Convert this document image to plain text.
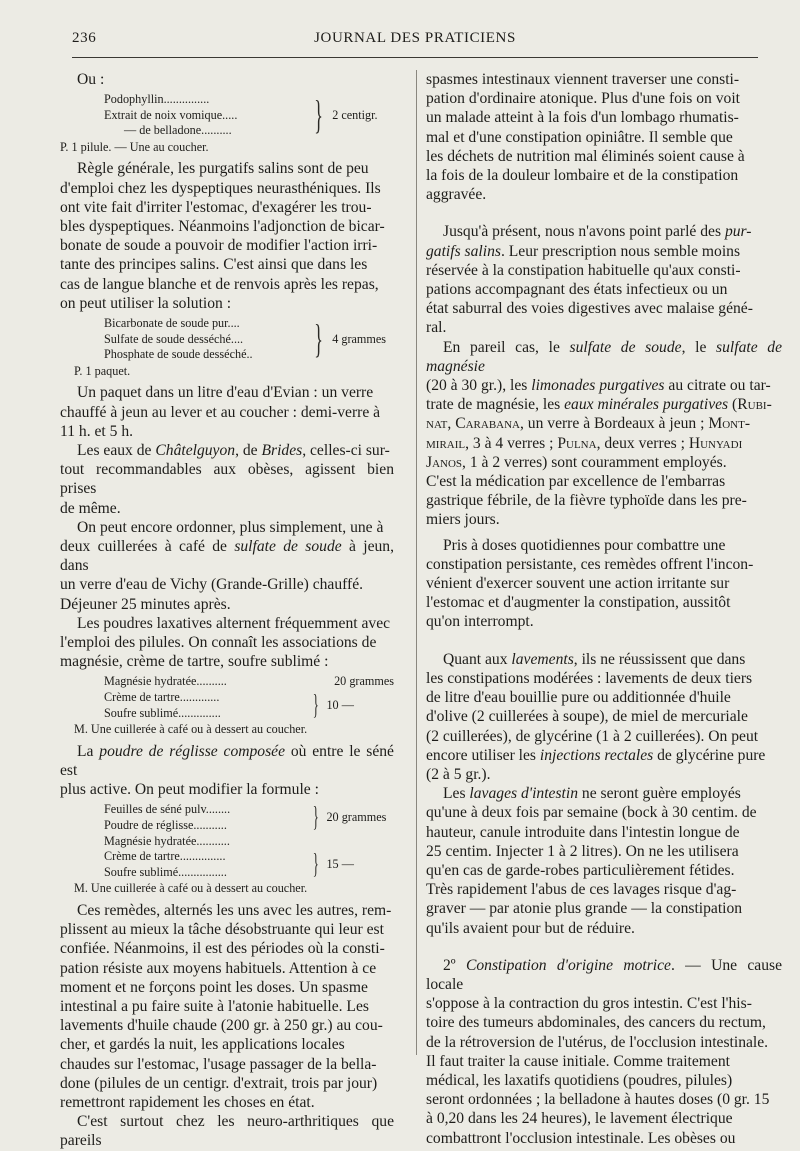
236	JOURNAL DES PRATICIENS
Ou :
Podophyllin...............
Extrait de noix vomique.....
— de belladone..........	} 2 centigr.
P. 1 pilule. — Une au coucher.

Règle générale, les purgatifs salins sont de peu
d'emploi chez les dyspeptiques neurasthéniques. Ils
ont vite fait d'irriter l'estomac, d'exagérer les trou-
bles dyspeptiques. Néanmoins l'adjonction de bicar-
bonate de soude a pouvoir de modifier l'action irri-
tante des principes salins. C'est ainsi que dans les
cas de langue blanche et de renvois après les repas,
on peut utiliser la solution :

Bicarbonate de soude pur....
Sulfate de soude desséché....
Phosphate de soude desséché..	} 4 grammes
P. 1 paquet.

Un paquet dans un litre d'eau d'Evian : un verre
chauffé à jeun au lever et au coucher : demi-verre à
11 h. et 5 h.

Les eaux de Châtelguyon, de Brides, celles-ci sur-
tout recommandables aux obèses, agissent bien prises
de même.

On peut encore ordonner, plus simplement, une à
deux cuillerées à café de sulfate de soude à jeun, dans
un verre d'eau de Vichy (Grande-Grille) chauffé.
Déjeuner 25 minutes après.

Les poudres laxatives alternent fréquemment avec
l'emploi des pilules. On connaît les associations de
magnésie, crème de tartre, soufre sublimé :

Magnésie hydratée..........	20 grammes
Crème de tartre.............
Soufre sublimé..............	} 10 —
M. Une cuillerée à café ou à dessert au coucher.

La poudre de réglisse composée où entre le séné est
plus active. On peut modifier la formule :

Feuilles de séné pulv........
Poudre de réglisse...........	} 20 grammes
Magnésie hydratée...........
Crème de tartre...............
Soufre sublimé................	} 15 —
M. Une cuillerée à café ou à dessert au coucher.

Ces remèdes, alternés les uns avec les autres, rem-
plissent au mieux la tâche désobstruante qui leur est
confiée. Néanmoins, il est des périodes où la consti-
pation résiste aux moyens habituels. Attention à ce
moment et ne forçons point les doses. Un spasme
intestinal a pu faire suite à l'atonie habituelle. Les
lavements d'huile chaude (200 gr. à 250 gr.) au cou-
cher, et gardés la nuit, les applications locales
chaudes sur l'estomac, l'usage passager de la bella-
done (pilules de un centigr. d'extrait, trois par jour)
remettront rapidement les choses en état.

C'est surtout chez les neuro-arthritiques que pareils

spasmes intestinaux viennent traverser une consti-
pation d'ordinaire atonique. Plus d'une fois on voit
un malade atteint à la fois d'un lombago rhumatis-
mal et d'une constipation opiniâtre. Il semble que
les déchets de nutrition mal éliminés soient cause à
la fois de la douleur lombaire et de la constipation
aggravée.

Jusqu'à présent, nous n'avons point parlé des pur-
gatifs salins. Leur prescription nous semble moins
réservée à la constipation habituelle qu'aux consti-
pations accompagnant des états infectieux ou un
état saburral des voies digestives avec malaise géné-
ral.

En pareil cas, le sulfate de soude, le sulfate de magnésie
(20 à 30 gr.), les limonades purgatives au citrate ou tar-
trate de magnésie, les eaux minérales purgatives (Rubi-
nat, Carabana, un verre à Bordeaux à jeun ; Mont-
mirail, 3 à 4 verres ; Pulna, deux verres ; Hunyadi
Janos, 1 à 2 verres) sont couramment employés.
C'est la médication par excellence de l'embarras
gastrique fébrile, de la fièvre typhoïde dans les pre-
miers jours.

Pris à doses quotidiennes pour combattre une
constipation persistante, ces remèdes offrent l'incon-
vénient d'exercer souvent une action irritante sur
l'estomac et d'augmenter la constipation, aussitôt
qu'on interrompt.

Quant aux lavements, ils ne réussissent que dans
les constipations modérées : lavements de deux tiers
de litre d'eau bouillie pure ou additionnée d'huile
d'olive (2 cuillerées à soupe), de miel de mercuriale
(2 cuillerées), de glycérine (1 à 2 cuillerées). On peut
encore utiliser les injections rectales de glycérine pure
(2 à 5 gr.).

Les lavages d'intestin ne seront guère employés
qu'une à deux fois par semaine (bock à 30 centim. de
hauteur, canule introduite dans l'intestin longue de
25 centim. Injecter 1 à 2 litres). On ne les utilisera
qu'en cas de garde-robes particulièrement fétides.
Très rapidement l'abus de ces lavages risque d'ag-
graver — par atonie plus grande — la constipation
qu'ils avaient pour but de réduire.

2º Constipation d'origine motrice. — Une cause locale
s'oppose à la contraction du gros intestin. C'est l'his-
toire des tumeurs abdominales, des cancers du rectum,
de la rétroversion de l'utérus, de l'occlusion intestinale.
Il faut traiter la cause initiale. Comme traitement
médical, les laxatifs quotidiens (poudres, pilules)
seront ordonnées ; la belladone à hautes doses (0 gr. 15
à 0,20 dans les 24 heures), le lavement électrique
combattront l'occlusion intestinale. Les obèses ou
